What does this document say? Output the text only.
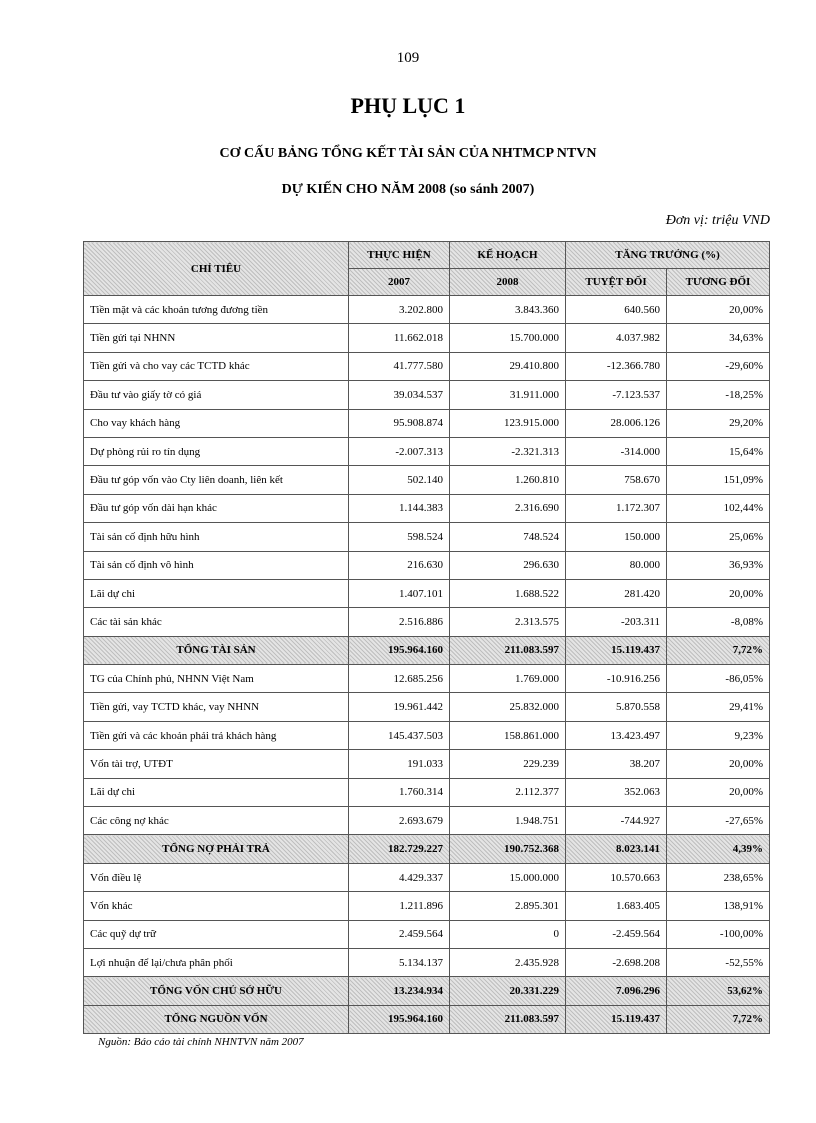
109
PHỤ LỤC 1
CƠ CẤU BẢNG TỔNG KẾT TÀI SẢN CỦA NHTMCP NTVN
DỰ KIẾN CHO NĂM 2008 (so sánh 2007)
Đơn vị: triệu VND
CHỈ TIÊU	THỰC HIỆN	KẾ HOẠCH	TĂNG TRƯỞNG (%)	
	2007	2008	TUYỆT ĐỐI	TƯƠNG ĐỐI
Tiền mặt và các khoản tương đương tiền	3.202.800	3.843.360	640.560	20,00%
Tiền gửi tại NHNN	11.662.018	15.700.000	4.037.982	34,63%
Tiền gửi và cho vay các TCTD khác	41.777.580	29.410.800	-12.366.780	-29,60%
Đầu tư vào giấy tờ có giá	39.034.537	31.911.000	-7.123.537	-18,25%
Cho vay khách hàng	95.908.874	123.915.000	28.006.126	29,20%
Dự phòng rủi ro tín dụng	-2.007.313	-2.321.313	-314.000	15,64%
Đầu tư góp vốn vào Cty liên doanh, liên kết	502.140	1.260.810	758.670	151,09%
Đầu tư góp vốn dài hạn khác	1.144.383	2.316.690	1.172.307	102,44%
Tài sản cố định hữu hình	598.524	748.524	150.000	25,06%
Tài sản cố định vô hình	216.630	296.630	80.000	36,93%
Lãi dự chi	1.407.101	1.688.522	281.420	20,00%
Các tài sản khác	2.516.886	2.313.575	-203.311	-8,08%
TỔNG TÀI SẢN	195.964.160	211.083.597	15.119.437	7,72%
TG của Chính phủ, NHNN Việt Nam	12.685.256	1.769.000	-10.916.256	-86,05%
Tiền gửi, vay TCTD khác, vay NHNN	19.961.442	25.832.000	5.870.558	29,41%
Tiền gửi và các khoản phải trả khách hàng	145.437.503	158.861.000	13.423.497	9,23%
Vốn tài trợ, UTĐT	191.033	229.239	38.207	20,00%
Lãi dự chi	1.760.314	2.112.377	352.063	20,00%
Các công nợ khác	2.693.679	1.948.751	-744.927	-27,65%
TỔNG NỢ PHẢI TRẢ	182.729.227	190.752.368	8.023.141	4,39%
Vốn điều lệ	4.429.337	15.000.000	10.570.663	238,65%
Vốn khác	1.211.896	2.895.301	1.683.405	138,91%
Các quỹ dự trữ	2.459.564	0	-2.459.564	-100,00%
Lợi nhuận để lại/chưa phân phối	5.134.137	2.435.928	-2.698.208	-52,55%
TỔNG VỐN CHỦ SỞ HỮU	13.234.934	20.331.229	7.096.296	53,62%
TỔNG NGUỒN VỐN	195.964.160	211.083.597	15.119.437	7,72%
Nguồn: Báo cáo tài chính NHNTVN năm 2007
